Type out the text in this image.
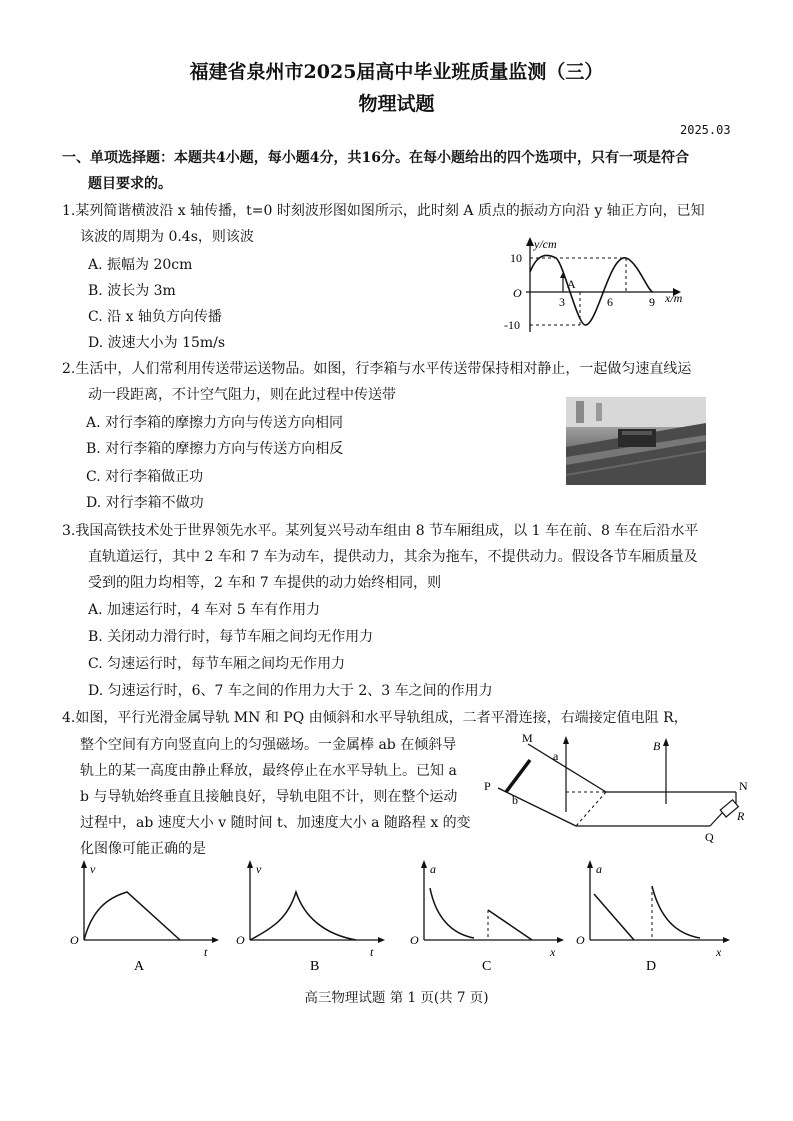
福建省泉州市2025届高中毕业班质量监测（三）
物理试题
2025.03
一、单项选择题：本题共4小题，每小题4分，共16分。在每小题给出的四个选项中，只有一项是符合
题目要求的。
1.某列简谐横波沿 x 轴传播，t=0 时刻波形图如图所示，此时刻 A 质点的振动方向沿 y 轴正方向，已知
该波的周期为 0.4s，则该波
A. 振幅为 20cm
B. 波长为 3m
C. 沿 x 轴负方向传播
D. 波速大小为 15m/s
A
y/cm
x/m
O
10
-10
3	6	9
2.生活中，人们常利用传送带运送物品。如图，行李箱与水平传送带保持相对静止，一起做匀速直线运
动一段距离，不计空气阻力，则在此过程中传送带
A. 对行李箱的摩擦力方向与传送方向相同
B. 对行李箱的摩擦力方向与传送方向相反
C. 对行李箱做正功
D. 对行李箱不做功
3.我国高铁技术处于世界领先水平。某列复兴号动车组由 8 节车厢组成，以 1 车在前、8 车在后沿水平
直轨道运行，其中 2 车和 7 车为动车，提供动力，其余为拖车，不提供动力。假设各节车厢质量及
受到的阻力均相等，2 车和 7 车提供的动力始终相同，则
A. 加速运行时，4 车对 5 车有作用力
B. 关闭动力滑行时，每节车厢之间均无作用力
C. 匀速运行时，每节车厢之间均无作用力
D. 匀速运行时，6、7 车之间的作用力大于 2、3 车之间的作用力
4.如图，平行光滑金属导轨 MN 和 PQ 由倾斜和水平导轨组成，二者平滑连接，右端接定值电阻 R，
整个空间有方向竖直向上的匀强磁场。一金属棒 ab 在倾斜导
轨上的某一高度由静止释放，最终停止在水平导轨上。已知 a
b 与导轨始终垂直且接触良好，导轨电阻不计，则在整个运动
过程中，ab 速度大小 v 随时间 t、加速度大小 a 随路程 x 的变
化图像可能正确的是
M
a
b
P	N
Q
B
R
v
t
O
A
v
t
O
B
a
x
O
C
a
x
O
D
高三物理试题 第 1 页(共 7 页)
